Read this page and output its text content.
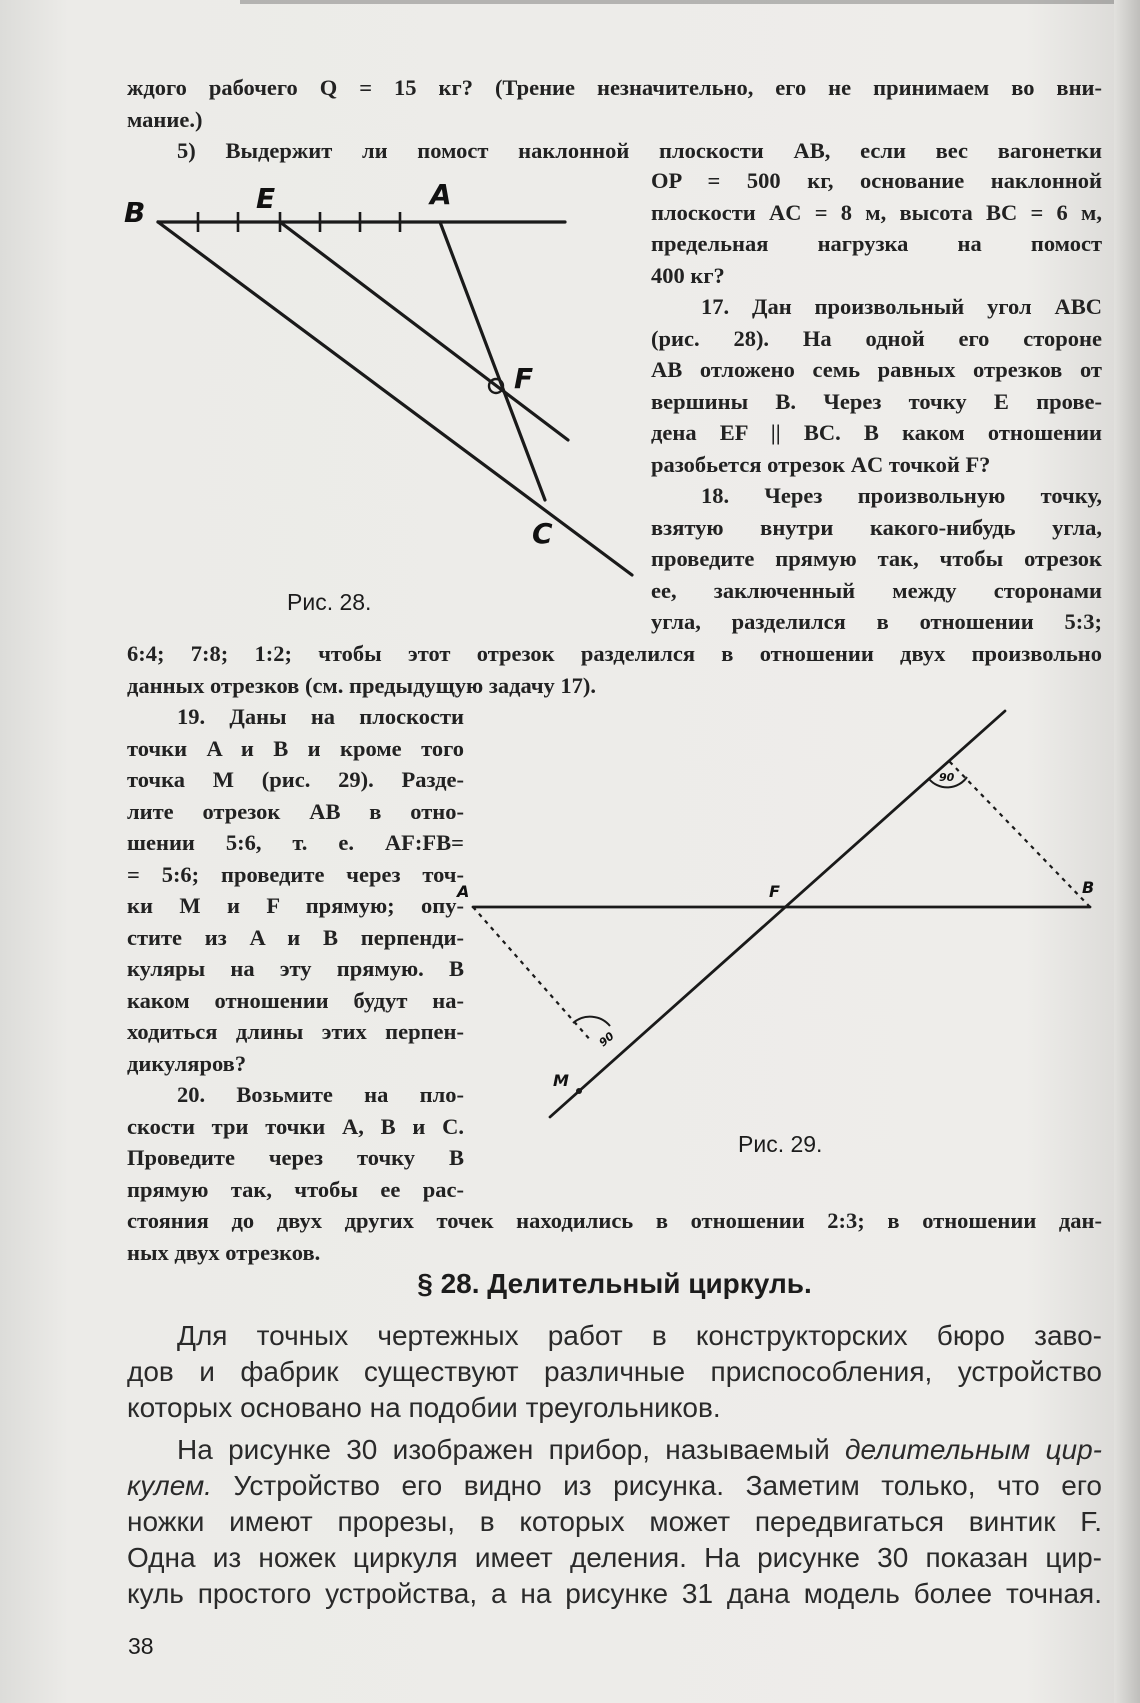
ждого рабочего Q = 15 кг? (Трение незначительно, его не принимаем во вни-
мание.)
5) Выдержит ли помост наклонной плоскости AB, если вес вагонетки
OP = 500 кг, основание наклонной
плоскости AC = 8 м, высота BC = 6 м,
предельная нагрузка на помост
400 кг?
17. Дан произвольный угол ABC
(рис. 28). На одной его стороне
AB отложено семь равных отрезков от
вершины B. Через точку E прове-
дена EF || BC. В каком отношении
разобьется отрезок AC точкой F?
18. Через произвольную точку,
взятую внутри какого-нибудь угла,
проведите прямую так, чтобы отрезок
ее, заключенный между сторонами
угла, разделился в отношении 5:3;
6:4; 7:8; 1:2; чтобы этот отрезок разделился в отношении двух произвольно
данных отрезков (см. предыдущую задачу 17).
B	E	A
F
C
Рис. 28.
19. Даны на плоскости
точки A и B и кроме того
точка M (рис. 29). Разде-
лите отрезок AB в отно-
шении 5:6, т. е. AF:FB=
= 5:6; проведите через точ-
ки M и F прямую; опу-
стите из A и B перпенди-
куляры на эту прямую. В
каком отношении будут на-
ходиться длины этих перпен-
дикуляров?
20. Возьмите на пло-
скости три точки A, B и C.
Проведите через точку B
прямую так, чтобы ее рас-
стояния до двух других точек находились в отношении 2:3; в отношении дан-
ных двух отрезков.
A	B
F
M
90
90
Рис. 29.
§ 28. Делительный циркуль.
Для точных чертежных работ в конструкторских бюро заво-
дов и фабрик существуют различные приспособления, устройство
которых основано на подобии треугольников.
На рисунке 30 изображен прибор, называемый делительным цир-
кулем. Устройство его видно из рисунка. Заметим только, что его
ножки имеют прорезы, в которых может передвигаться винтик F.
Одна из ножек циркуля имеет деления. На рисунке 30 показан цир-
куль простого устройства, а на рисунке 31 дана модель более точная.
38
